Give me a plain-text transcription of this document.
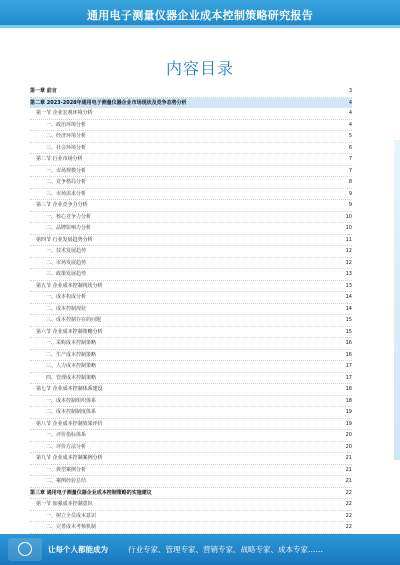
通用电子测量仪器企业成本控制策略研究报告
内容目录
第一章 前言	3
第二章 2023-2028年通用电子测量仪器企业市场现状及竞争态势分析	4
第一节 企业宏观环境分析	4
一、政治环境分析	4
二、经济环境分析	5
三、社会环境分析	6
第二节 行业市场分析	7
一、市场规模分析	7
二、竞争格局分析	8
三、市场需求分析	9
第三节 企业竞争力分析	9
一、核心竞争力分析	10
二、品牌影响力分析	10
第四节 行业发展趋势分析	11
一、技术发展趋势	12
二、市场发展趋势	12
三、政策发展趋势	13
第五节 企业成本控制现状分析	13
一、成本构成分析	14
二、成本控制现状	14
三、成本控制存在的问题	15
第六节 企业成本控制策略分析	15
一、采购成本控制策略	16
二、生产成本控制策略	16
三、人力成本控制策略	17
四、管理成本控制策略	17
第七节 企业成本控制体系建设	18
一、成本控制组织体系	18
二、成本控制制度体系	19
第八节 企业成本控制效果评价	19
一、评价指标体系	20
二、评价方法分析	20
第九节 企业成本控制案例分析	21
一、典型案例分析	21
二、案例经验总结	21
第三章 通用电子测量仪器企业成本控制策略的实施建议	22
第一节 加强成本控制意识	22
一、树立全员成本意识	22
二、完善成本考核机制	22
让每个人都能成为	行业专家、管理专家、营销专家、战略专家、成本专家……
